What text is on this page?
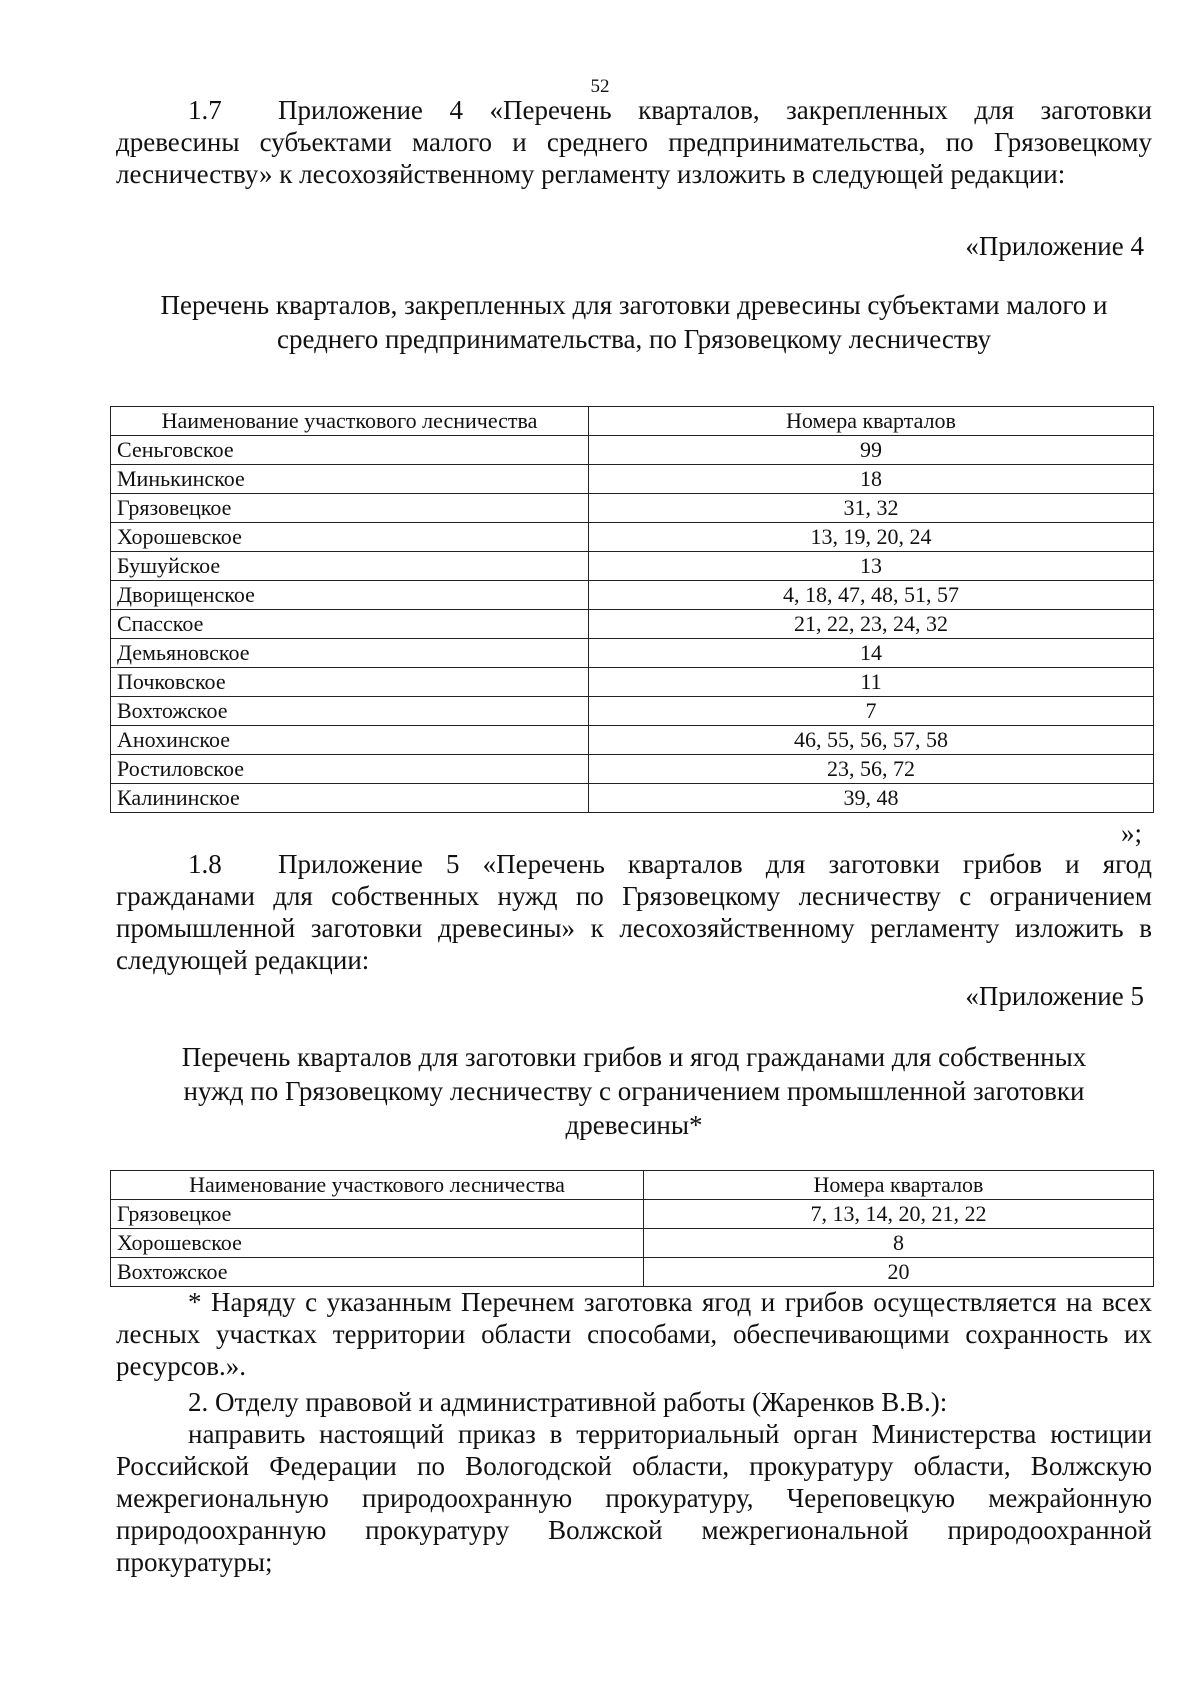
52

1.7 Приложение 4 «Перечень кварталов, закрепленных для заготовки древесины субъектами малого и среднего предпринимательства, по Грязовецкому лесничеству» к лесохозяйственному регламенту изложить в следующей редакции:

«Приложение 4
Перечень кварталов, закрепленных для заготовки древесины субъектами малого и
среднего предпринимательства, по Грязовецкому лесничеству
Наименование участкового лесничества	Номера кварталов
Сеньговское	99
Минькинское	18
Грязовецкое	31, 32
Хорошевское	13, 19, 20, 24
Бушуйское	13
Дворищенское	4, 18, 47, 48, 51, 57
Спасское	21, 22, 23, 24, 32
Демьяновское	14
Почковское	11
Вохтожское	7
Анохинское	46, 55, 56, 57, 58
Ростиловское	23, 56, 72
Калининское	39, 48
»;

1.8 Приложение 5 «Перечень кварталов для заготовки грибов и ягод гражданами для собственных нужд по Грязовецкому лесничеству с ограничением промышленной заготовки древесины» к лесохозяйственному регламенту изложить в следующей редакции:

«Приложение 5
Перечень кварталов для заготовки грибов и ягод гражданами для собственных
нужд по Грязовецкому лесничеству с ограничением промышленной заготовки
древесины*
Наименование участкового лесничества	Номера кварталов
Грязовецкое	7, 13, 14, 20, 21, 22
Хорошевское	8
Вохтожское	20

* Наряду с указанным Перечнем заготовка ягод и грибов осуществляется на всех лесных участках территории области способами, обеспечивающими сохранность их ресурсов.».

2. Отделу правовой и административной работы (Жаренков В.В.):

направить настоящий приказ в территориальный орган Министерства юстиции Российской Федерации по Вологодской области, прокуратуру области, Волжскую межрегиональную природоохранную прокуратуру, Череповецкую межрайонную природоохранную прокуратуру Волжской межрегиональной природоохранной прокуратуры;
